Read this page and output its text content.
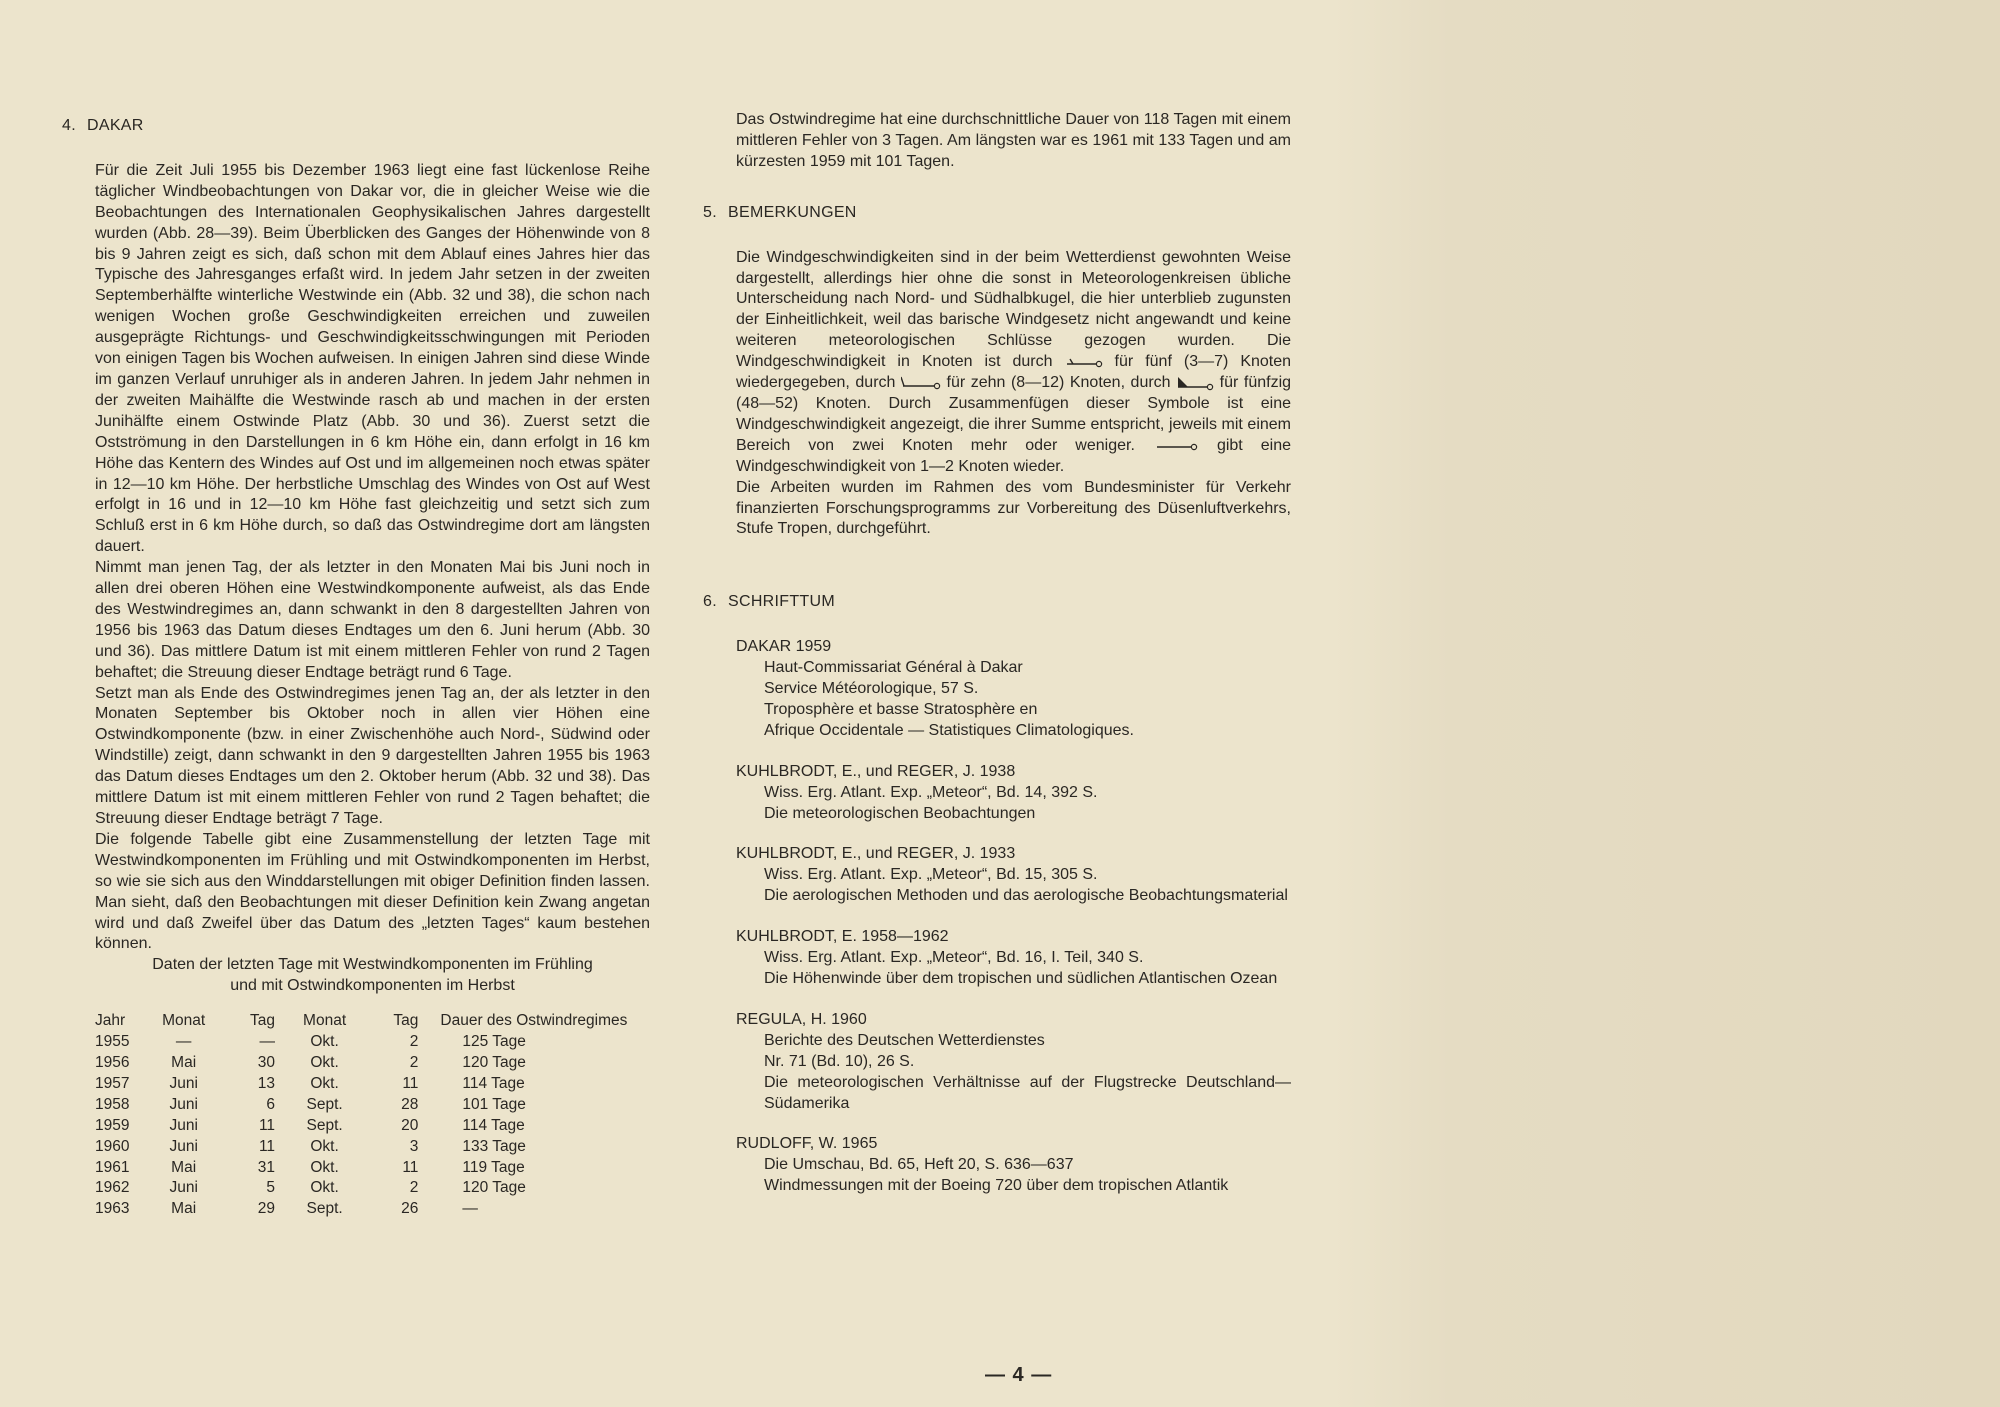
4. DAKAR

Für die Zeit Juli 1955 bis Dezember 1963 liegt eine fast lückenlose Reihe täglicher Windbeobachtungen von Dakar vor, die in gleicher Weise wie die Beobachtungen des Internationalen Geophysikalischen Jahres dargestellt wurden (Abb. 28—39). Beim Überblicken des Ganges der Höhenwinde von 8 bis 9 Jahren zeigt es sich, daß schon mit dem Ablauf eines Jahres hier das Typische des Jahresganges erfaßt wird. In jedem Jahr setzen in der zweiten Septemberhälfte winterliche Westwinde ein (Abb. 32 und 38), die schon nach wenigen Wochen große Geschwindigkeiten erreichen und zuweilen ausgeprägte Richtungs- und Geschwindigkeitsschwingungen mit Perioden von einigen Tagen bis Wochen aufweisen. In einigen Jahren sind diese Winde im ganzen Verlauf unruhiger als in anderen Jahren. In jedem Jahr nehmen in der zweiten Maihälfte die Westwinde rasch ab und machen in der ersten Junihälfte einem Ostwinde Platz (Abb. 30 und 36). Zuerst setzt die Ostströmung in den Darstellungen in 6 km Höhe ein, dann erfolgt in 16 km Höhe das Kentern des Windes auf Ost und im allgemeinen noch etwas später in 12—10 km Höhe. Der herbstliche Umschlag des Windes von Ost auf West erfolgt in 16 und in 12—10 km Höhe fast gleichzeitig und setzt sich zum Schluß erst in 6 km Höhe durch, so daß das Ostwindregime dort am längsten dauert.

Nimmt man jenen Tag, der als letzter in den Monaten Mai bis Juni noch in allen drei oberen Höhen eine Westwindkomponente aufweist, als das Ende des Westwindregimes an, dann schwankt in den 8 dargestellten Jahren von 1956 bis 1963 das Datum dieses Endtages um den 6. Juni herum (Abb. 30 und 36). Das mittlere Datum ist mit einem mittleren Fehler von rund 2 Tagen behaftet; die Streuung dieser Endtage beträgt rund 6 Tage.

Setzt man als Ende des Ostwindregimes jenen Tag an, der als letzter in den Monaten September bis Oktober noch in allen vier Höhen eine Ostwindkomponente (bzw. in einer Zwischenhöhe auch Nord-, Südwind oder Windstille) zeigt, dann schwankt in den 9 dargestellten Jahren 1955 bis 1963 das Datum dieses Endtages um den 2. Oktober herum (Abb. 32 und 38). Das mittlere Datum ist mit einem mittleren Fehler von rund 2 Tagen behaftet; die Streuung dieser Endtage beträgt 7 Tage.

Die folgende Tabelle gibt eine Zusammenstellung der letzten Tage mit Westwindkomponenten im Frühling und mit Ostwindkomponenten im Herbst, so wie sie sich aus den Winddarstellungen mit obiger Definition finden lassen. Man sieht, daß den Beobachtungen mit dieser Definition kein Zwang angetan wird und daß Zweifel über das Datum des „letzten Tages“ kaum bestehen können.

Daten der letzten Tage mit Westwindkomponenten im Frühling

und mit Ostwindkomponenten im Herbst

Jahr	Monat	Tag	Monat	Tag	Dauer des Ostwindregimes
1955	—	—	Okt.	2	125 Tage
1956	Mai	30	Okt.	2	120 Tage
1957	Juni	13	Okt.	11	114 Tage
1958	Juni	6	Sept.	28	101 Tage
1959	Juni	11	Sept.	20	114 Tage
1960	Juni	11	Okt.	3	133 Tage
1961	Mai	31	Okt.	11	119 Tage
1962	Juni	5	Okt.	2	120 Tage
1963	Mai	29	Sept.	26	—

Das Ostwindregime hat eine durchschnittliche Dauer von 118 Tagen mit einem mittleren Fehler von 3 Tagen. Am längsten war es 1961 mit 133 Tagen und am kürzesten 1959 mit 101 Tagen.

5. BEMERKUNGEN

Die Windgeschwindigkeiten sind in der beim Wetterdienst gewohnten Weise dargestellt, allerdings hier ohne die sonst in Meteorologenkreisen übliche Unterscheidung nach Nord- und Südhalbkugel, die hier unterblieb zugunsten der Einheitlichkeit, weil das barische Windgesetz nicht angewandt und keine weiteren meteorologischen Schlüsse gezogen wurden. Die Windgeschwindigkeit in Knoten ist durch	für fünf (3—7) Knoten wiedergegeben, durch	für zehn (8—12) Knoten, durch	für fünfzig (48—52) Knoten. Durch Zusammenfügen dieser Symbole ist eine Windgeschwindigkeit angezeigt, die ihrer Summe entspricht, jeweils mit einem Bereich von zwei Knoten mehr oder weniger.	gibt eine Windgeschwindigkeit von 1—2 Knoten wieder.

Die Arbeiten wurden im Rahmen des vom Bundesminister für Verkehr finanzierten Forschungsprogramms zur Vorbereitung des Düsenluftverkehrs, Stufe Tropen, durchgeführt.

6. SCHRIFTTUM

DAKAR 1959

Haut-Commissariat Général à Dakar

Service Météorologique, 57 S.

Troposphère et basse Stratosphère en

Afrique Occidentale — Statistiques Climatologiques.

KUHLBRODT, E., und REGER, J. 1938

Wiss. Erg. Atlant. Exp. „Meteor“, Bd. 14, 392 S.

Die meteorologischen Beobachtungen

KUHLBRODT, E., und REGER, J. 1933

Wiss. Erg. Atlant. Exp. „Meteor“, Bd. 15, 305 S.

Die aerologischen Methoden und das aerologische Beobachtungsmaterial

KUHLBRODT, E. 1958—1962

Wiss. Erg. Atlant. Exp. „Meteor“, Bd. 16, I. Teil, 340 S.

Die Höhenwinde über dem tropischen und südlichen Atlantischen Ozean

REGULA, H. 1960

Berichte des Deutschen Wetterdienstes

Nr. 71 (Bd. 10), 26 S.

Die meteorologischen Verhältnisse auf der Flugstrecke Deutschland—Südamerika

RUDLOFF, W. 1965

Die Umschau, Bd. 65, Heft 20, S. 636—637

Windmessungen mit der Boeing 720 über dem tropischen Atlantik

— 4 —
